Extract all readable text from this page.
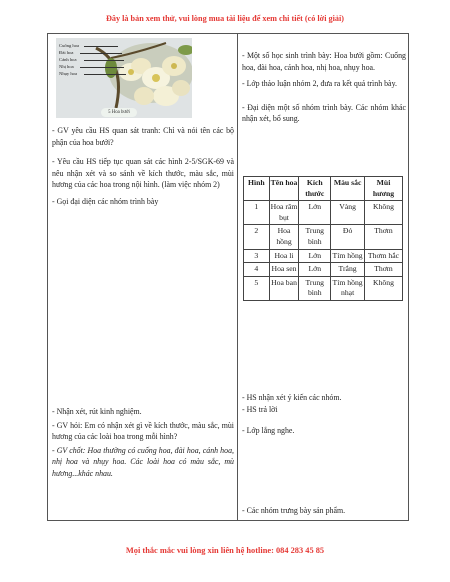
Đây là bản xem thử, vui lòng mua tài liệu để xem chi tiết (có lời giải)
Cuống hoa
Đài hoa
Cánh hoa
Nhị hoa
Nhụy hoa
5 Hoa bưởi

- GV yêu cầu HS quan sát tranh: Chỉ và nói tên các bộ phận của hoa bưởi?

- Yêu cầu HS tiếp tục quan sát các hình 2-5/SGK-69 và nêu nhận xét và so sánh về kích thước, màu sắc, mùi hương của các hoa trong nội hình. (làm việc nhóm 2)

- Gọi đại diện các nhóm trình bày

- Nhận xét, rút kinh nghiệm.

- GV hỏi: Em có nhận xét gì về kích thước, màu sắc, mùi hương của các loài hoa trong mỗi hình?

- GV chốt: Hoa thường có cuống hoa, đài hoa, cánh hoa, nhị hoa và nhụy hoa. Các loài hoa có màu sắc, mù hương...khác nhau.

- Một số học sinh trình bày: Hoa bưởi gồm: Cuống hoa, đài hoa, cánh hoa, nhị hoa, nhụy hoa.

- Lớp thảo luận nhóm 2, đưa ra kết quả trình bày.

- Đại diện một số nhóm trình bày. Các nhóm khác nhận xét, bổ sung.

Hình	Tên hoa	Kích thước	Màu sắc	Mùi hương
1	Hoa râm bụt	Lớn	Vàng	Không
2	Hoa hồng	Trung bình	Đỏ	Thơm
3	Hoa li	Lớn	Tím hồng	Thơm hắc
4	Hoa sen	Lớn	Trắng	Thơm
5	Hoa ban	Trung bình	Tím hồng nhạt	Không

- HS nhận xét ý kiến các nhóm.

- HS trả lời

- Lớp lắng nghe.

- Các nhóm trưng bày sản phẩm.

Mọi thắc mắc vui lòng xin liên hệ hotline: 084 283 45 85
